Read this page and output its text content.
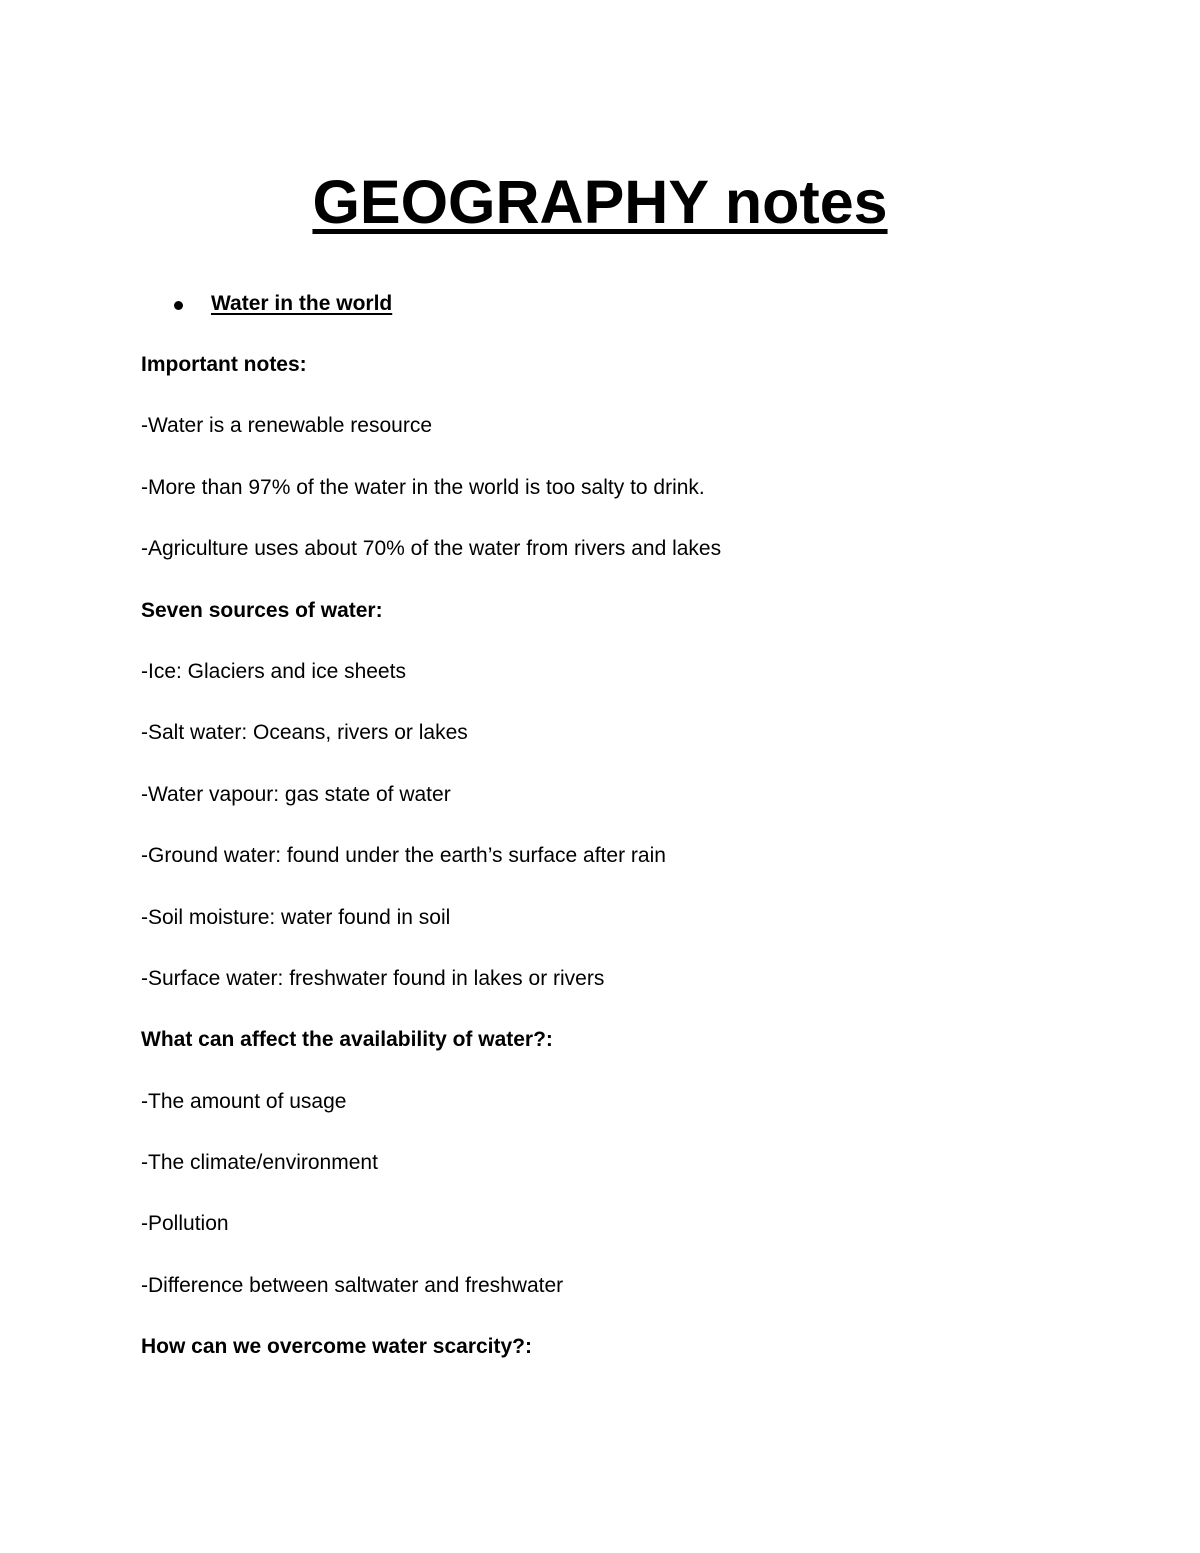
GEOGRAPHY notes
Water in the world
Important notes:
-Water is a renewable resource
-More than 97% of the water in the world is too salty to drink.
-Agriculture uses about 70% of the water from rivers and lakes
Seven sources of water:
-Ice: Glaciers and ice sheets
-Salt water: Oceans, rivers or lakes
-Water vapour: gas state of water
-Ground water: found under the earth’s surface after rain
-Soil moisture: water found in soil
-Surface water: freshwater found in lakes or rivers
What can affect the availability of water?:
-The amount of usage
-The climate/environment
-Pollution
-Difference between saltwater and freshwater
How can we overcome water scarcity?:
